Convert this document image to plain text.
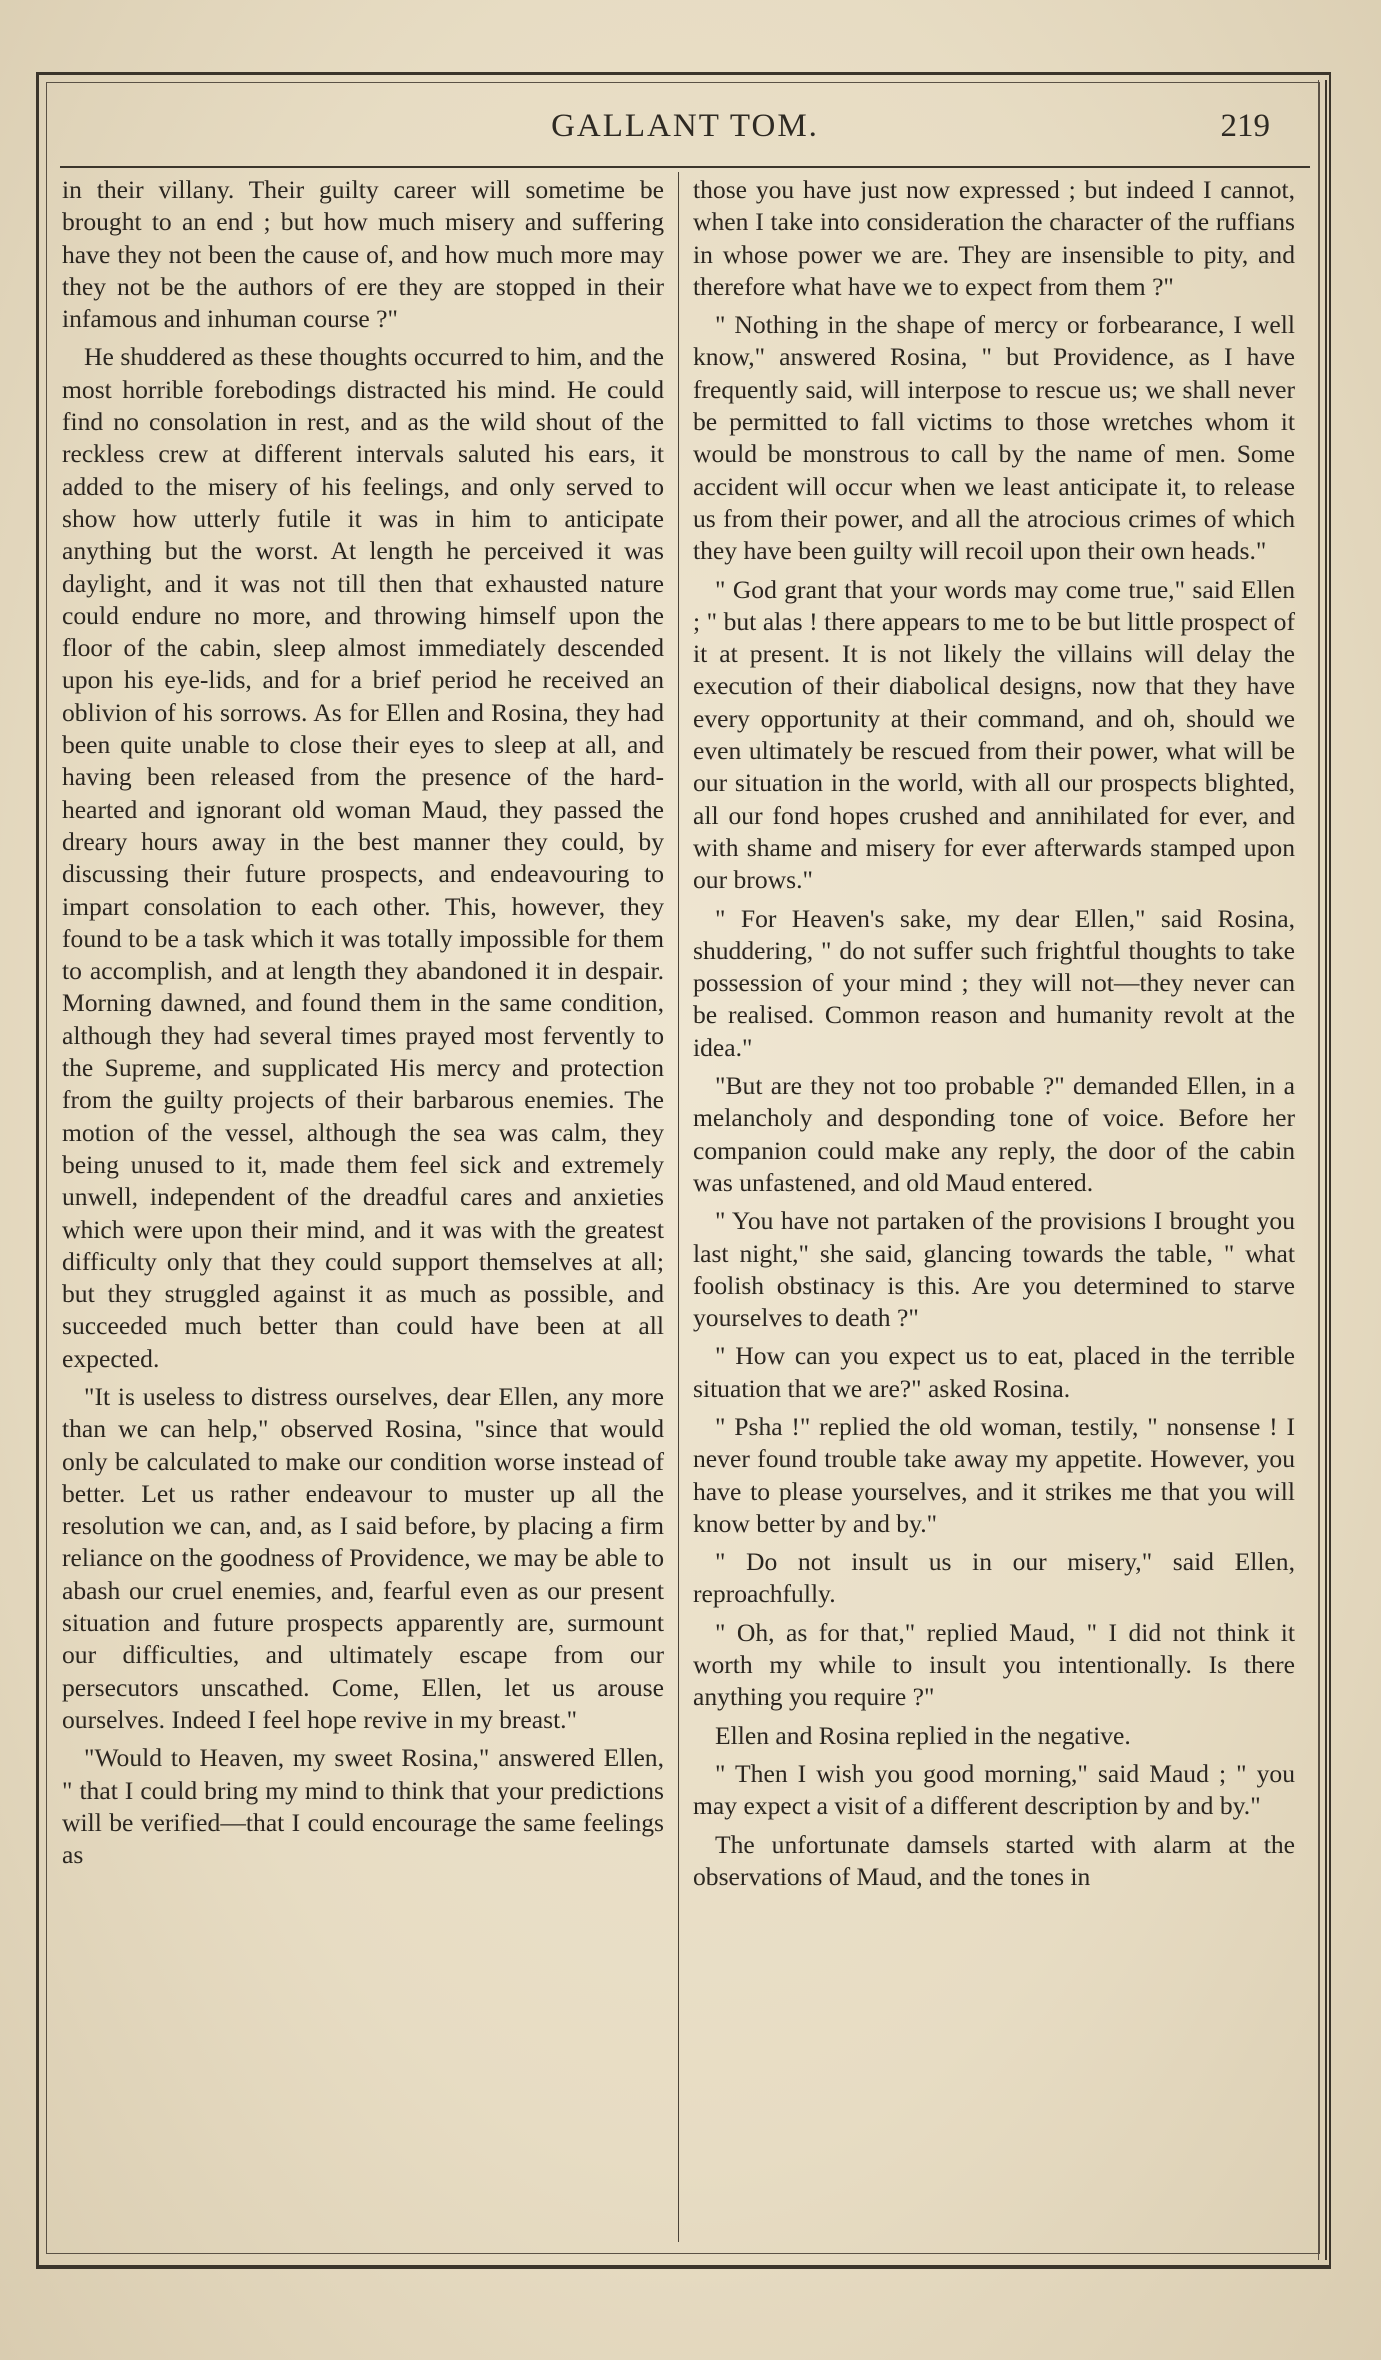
GALLANT TOM.	219

in their villany. Their guilty career will sometime be brought to an end ; but how much misery and suffering have they not been the cause of, and how much more may they not be the authors of ere they are stopped in their infamous and inhuman course ?"

He shuddered as these thoughts occurred to him, and the most horrible forebodings distracted his mind. He could find no consolation in rest, and as the wild shout of the reckless crew at different intervals saluted his ears, it added to the misery of his feelings, and only served to show how utterly futile it was in him to anticipate anything but the worst. At length he perceived it was daylight, and it was not till then that exhausted nature could endure no more, and throwing himself upon the floor of the cabin, sleep almost immediately descended upon his eye-lids, and for a brief period he received an oblivion of his sorrows. As for Ellen and Rosina, they had been quite unable to close their eyes to sleep at all, and having been released from the presence of the hard-hearted and ignorant old woman Maud, they passed the dreary hours away in the best manner they could, by discussing their future prospects, and endeavouring to impart consolation to each other. This, however, they found to be a task which it was totally impossible for them to accomplish, and at length they abandoned it in despair. Morning dawned, and found them in the same condition, although they had several times prayed most fervently to the Supreme, and supplicated His mercy and protection from the guilty projects of their barbarous enemies. The motion of the vessel, although the sea was calm, they being unused to it, made them feel sick and extremely unwell, independent of the dreadful cares and anxieties which were upon their mind, and it was with the greatest difficulty only that they could support themselves at all; but they struggled against it as much as possible, and succeeded much better than could have been at all expected.

"It is useless to distress ourselves, dear Ellen, any more than we can help," observed Rosina, "since that would only be calculated to make our condition worse instead of better. Let us rather endeavour to muster up all the resolution we can, and, as I said before, by placing a firm reliance on the goodness of Providence, we may be able to abash our cruel enemies, and, fearful even as our present situation and future prospects apparently are, surmount our difficulties, and ultimately escape from our persecutors unscathed. Come, Ellen, let us arouse ourselves. Indeed I feel hope revive in my breast."

"Would to Heaven, my sweet Rosina," answered Ellen, " that I could bring my mind to think that your predictions will be verified—that I could encourage the same feelings as

those you have just now expressed ; but indeed I cannot, when I take into consideration the character of the ruffians in whose power we are. They are insensible to pity, and therefore what have we to expect from them ?"

" Nothing in the shape of mercy or forbearance, I well know," answered Rosina, " but Providence, as I have frequently said, will interpose to rescue us; we shall never be permitted to fall victims to those wretches whom it would be monstrous to call by the name of men. Some accident will occur when we least anticipate it, to release us from their power, and all the atrocious crimes of which they have been guilty will recoil upon their own heads."

" God grant that your words may come true," said Ellen ; " but alas ! there appears to me to be but little prospect of it at present. It is not likely the villains will delay the execution of their diabolical designs, now that they have every opportunity at their command, and oh, should we even ultimately be rescued from their power, what will be our situation in the world, with all our prospects blighted, all our fond hopes crushed and annihilated for ever, and with shame and misery for ever afterwards stamped upon our brows."

" For Heaven's sake, my dear Ellen," said Rosina, shuddering, " do not suffer such frightful thoughts to take possession of your mind ; they will not—they never can be realised. Common reason and humanity revolt at the idea."

"But are they not too probable ?" demanded Ellen, in a melancholy and desponding tone of voice. Before her companion could make any reply, the door of the cabin was unfastened, and old Maud entered.

" You have not partaken of the provisions I brought you last night," she said, glancing towards the table, " what foolish obstinacy is this. Are you determined to starve yourselves to death ?"

" How can you expect us to eat, placed in the terrible situation that we are?" asked Rosina.

" Psha !" replied the old woman, testily, " nonsense ! I never found trouble take away my appetite. However, you have to please yourselves, and it strikes me that you will know better by and by."

" Do not insult us in our misery," said Ellen, reproachfully.

" Oh, as for that," replied Maud, " I did not think it worth my while to insult you intentionally. Is there anything you require ?"

Ellen and Rosina replied in the negative.

" Then I wish you good morning," said Maud ; " you may expect a visit of a different description by and by."

The unfortunate damsels started with alarm at the observations of Maud, and the tones in
